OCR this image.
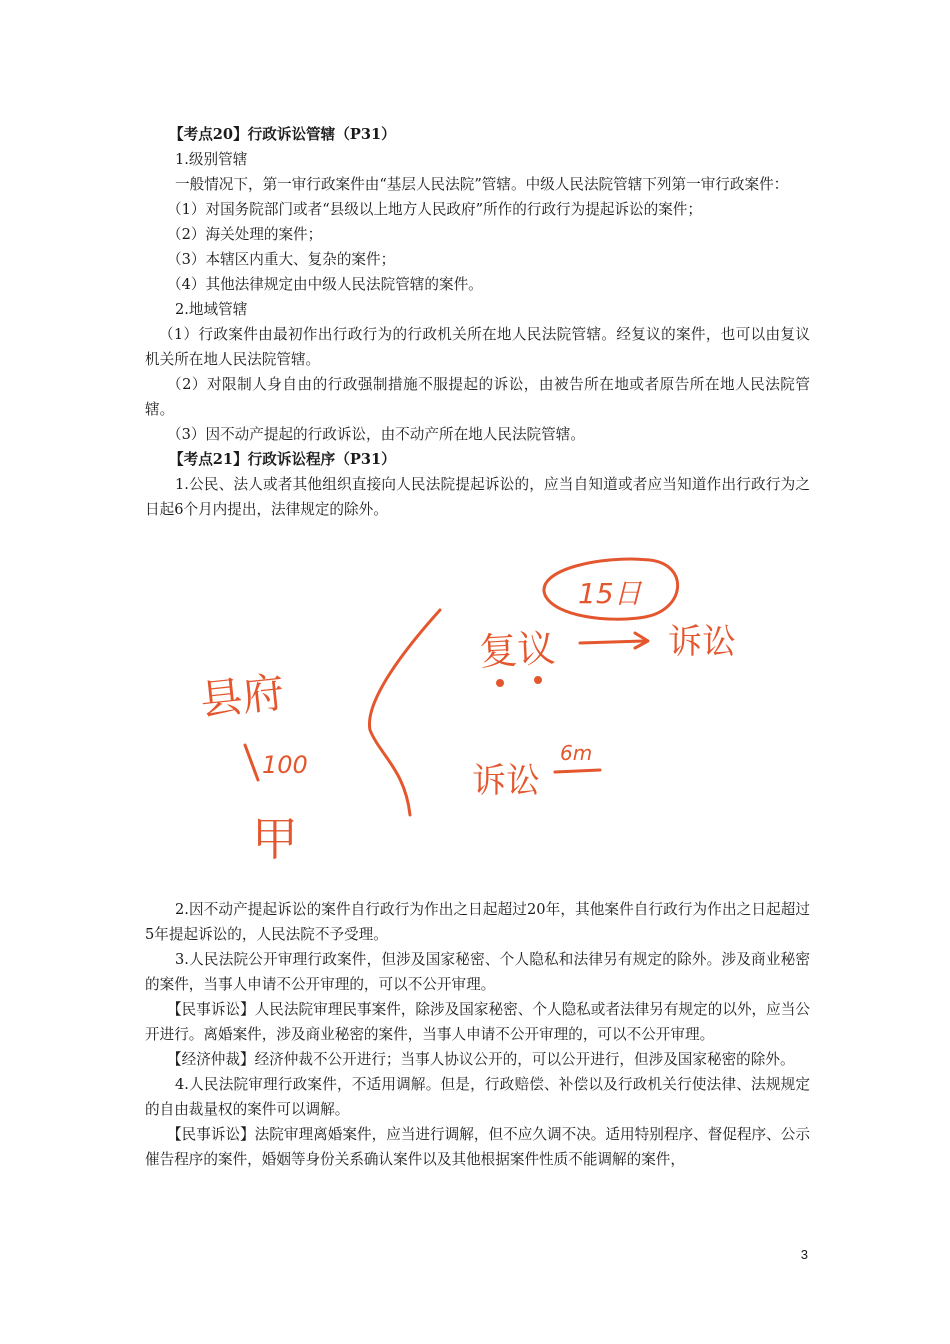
【考点20】行政诉讼管辖（P31）

1.级别管辖

一般情况下，第一审行政案件由“基层人民法院”管辖。中级人民法院管辖下列第一审行政案件：

（1）对国务院部门或者“县级以上地方人民政府”所作的行政行为提起诉讼的案件；

（2）海关处理的案件；

（3）本辖区内重大、复杂的案件；

（4）其他法律规定由中级人民法院管辖的案件。

2.地域管辖

（1）行政案件由最初作出行政行为的行政机关所在地人民法院管辖。经复议的案件，也可以由复议机关所在地人民法院管辖。

（2）对限制人身自由的行政强制措施不服提起的诉讼，由被告所在地或者原告所在地人民法院管辖。

（3）因不动产提起的行政诉讼，由不动产所在地人民法院管辖。

【考点21】行政诉讼程序（P31）

1.公民、法人或者其他组织直接向人民法院提起诉讼的，应当自知道或者应当知道作出行政行为之日起6个月内提出，法律规定的除外。

县府
100
甲
复议
15日
诉讼
诉讼
6m

2.因不动产提起诉讼的案件自行政行为作出之日起超过20年，其他案件自行政行为作出之日起超过5年提起诉讼的，人民法院不予受理。

3.人民法院公开审理行政案件，但涉及国家秘密、个人隐私和法律另有规定的除外。涉及商业秘密的案件，当事人申请不公开审理的，可以不公开审理。

【民事诉讼】人民法院审理民事案件，除涉及国家秘密、个人隐私或者法律另有规定的以外，应当公开进行。离婚案件，涉及商业秘密的案件，当事人申请不公开审理的，可以不公开审理。

【经济仲裁】经济仲裁不公开进行；当事人协议公开的，可以公开进行，但涉及国家秘密的除外。

4.人民法院审理行政案件，不适用调解。但是，行政赔偿、补偿以及行政机关行使法律、法规规定的自由裁量权的案件可以调解。

【民事诉讼】法院审理离婚案件，应当进行调解，但不应久调不决。适用特别程序、督促程序、公示催告程序的案件，婚姻等身份关系确认案件以及其他根据案件性质不能调解的案件，

3
